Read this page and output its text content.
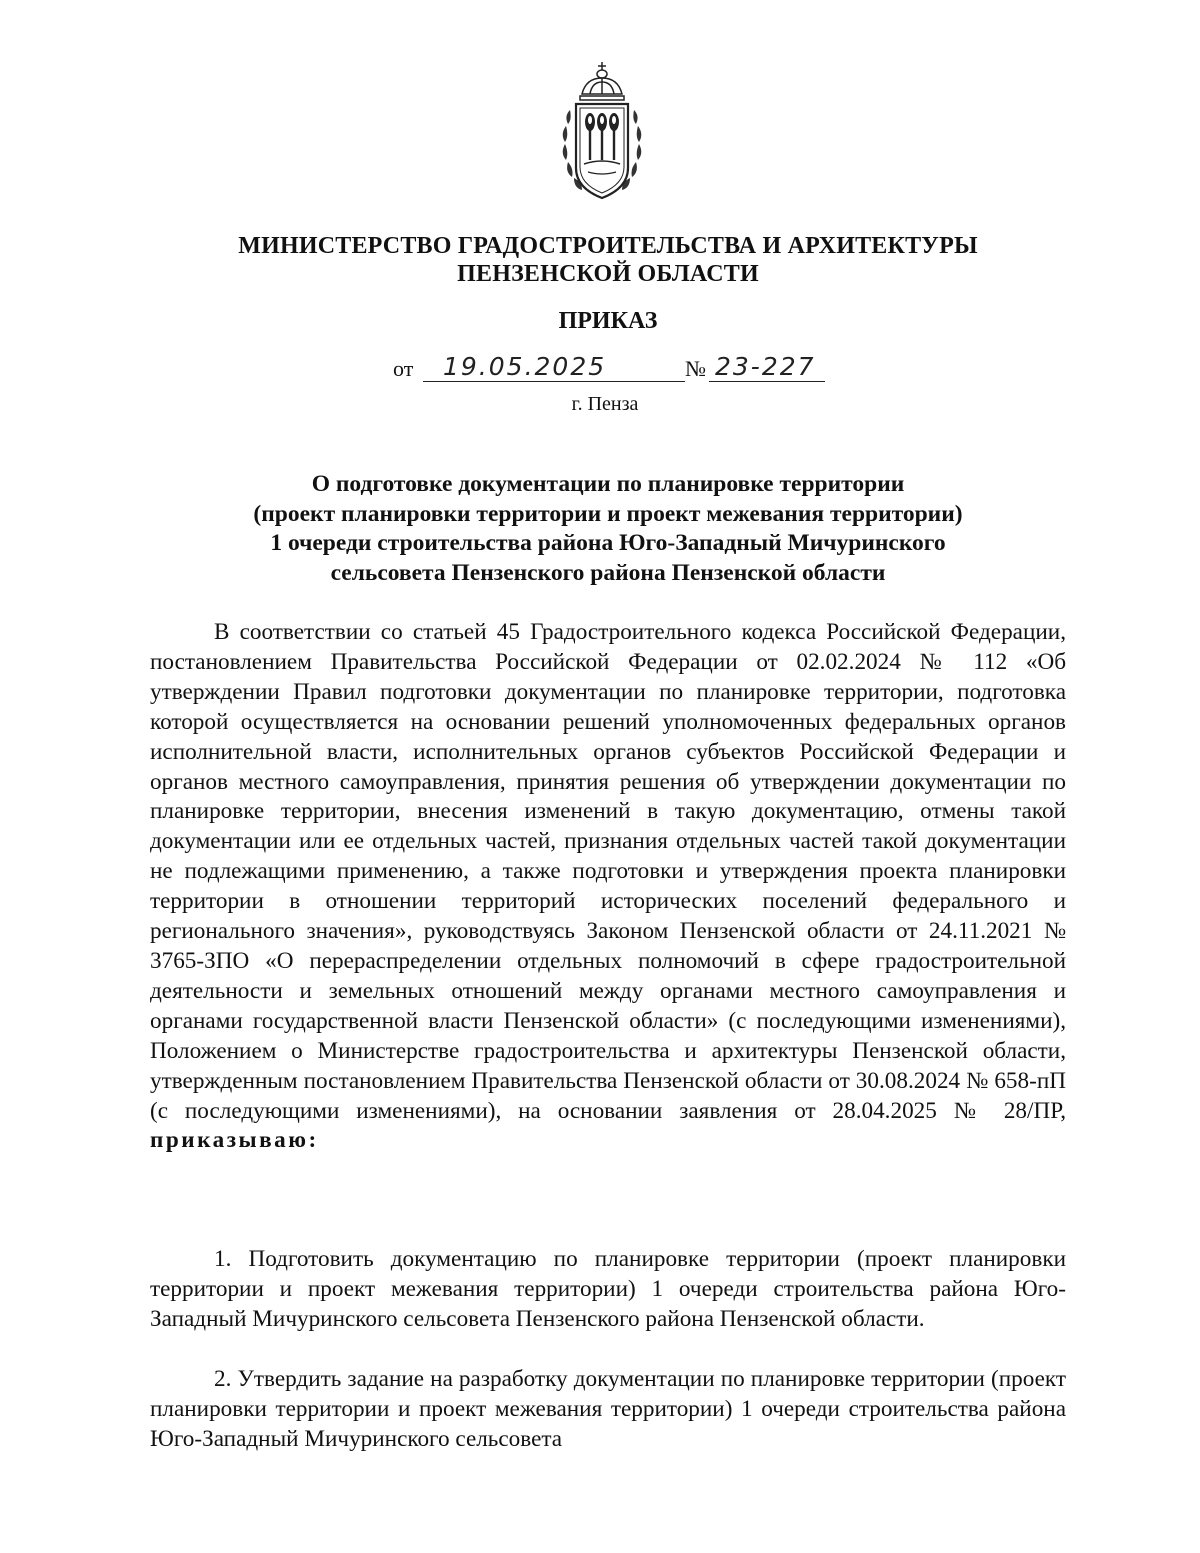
МИНИСТЕРСТВО ГРАДОСТРОИТЕЛЬСТВА И АРХИТЕКТУРЫ
ПЕНЗЕНСКОЙ ОБЛАСТИ
ПРИКАЗ
от 19.05.2025	№ 23-227
г. Пенза
О подготовке документации по планировке территории
(проект планировки территории и проект межевания территории)
1 очереди строительства района Юго-Западный Мичуринского
сельсовета Пензенского района Пензенской области

В соответствии со статьей 45 Градостроительного кодекса Российской Федерации, постановлением Правительства Российской Федерации от 02.02.2024 № 112 «Об утверждении Правил подготовки документации по планировке территории, подготовка которой осуществляется на основании решений уполномоченных федеральных органов исполнительной власти, исполнительных органов субъектов Российской Федерации и органов местного самоуправления, принятия решения об утверждении документации по планировке территории, внесения изменений в такую документацию, отмены такой документации или ее отдельных частей, признания отдельных частей такой документации не подлежащими применению, а также подготовки и утверждения проекта планировки территории в отношении территорий исторических поселений федерального и регионального значения», руководствуясь Законом Пензенской области от 24.11.2021 № 3765-ЗПО «О перераспределении отдельных полномочий в сфере градостроительной деятельности и земельных отношений между органами местного самоуправления и органами государственной власти Пензенской области» (с последующими изменениями), Положением о Министерстве градостроительства и архитектуры Пензенской области, утвержденным постановлением Правительства Пензенской области от 30.08.2024 № 658-пП (с последующими изменениями), на основании заявления от 28.04.2025 № 28/ПР, приказываю:

1. Подготовить документацию по планировке территории (проект планировки территории и проект межевания территории) 1 очереди строительства района Юго-Западный Мичуринского сельсовета Пензенского района Пензенской области.

2. Утвердить задание на разработку документации по планировке территории (проект планировки территории и проект межевания территории) 1 очереди строительства района Юго-Западный Мичуринского сельсовета
